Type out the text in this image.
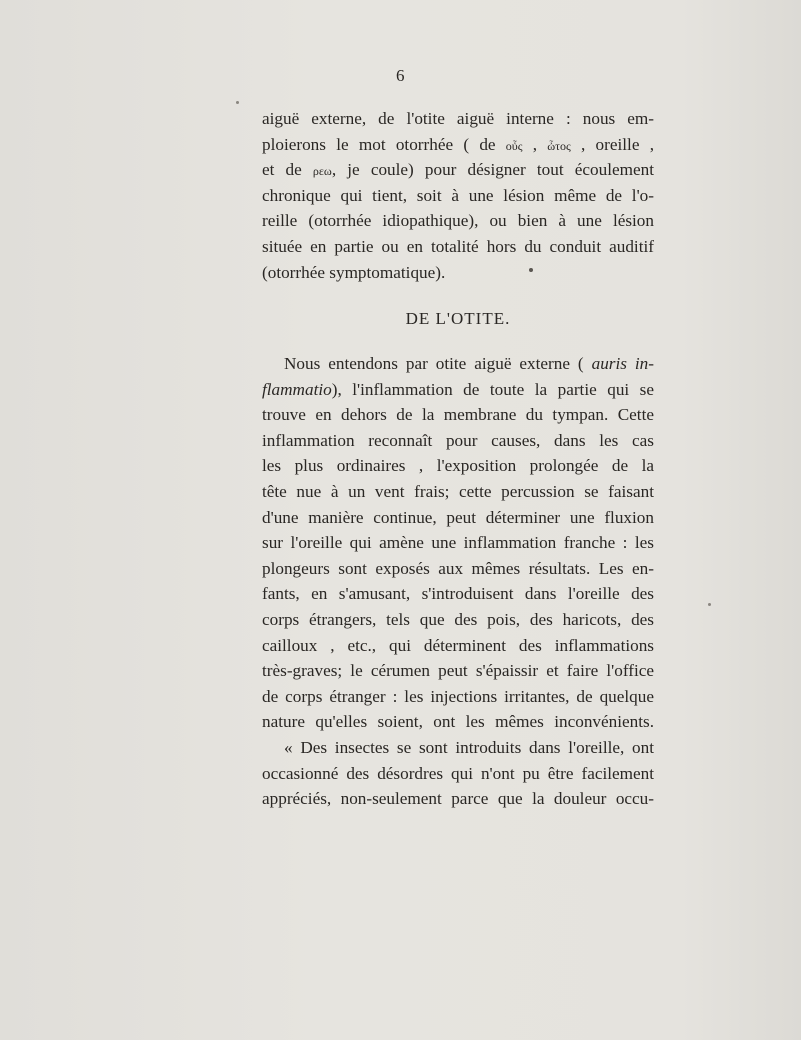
6
aiguë externe, de l'otite aiguë interne : nous em-
ploierons le mot otorrhée ( de οὖς , ὦτος , oreille ,
et de ρεω, je coule) pour désigner tout écoulement
chronique qui tient, soit à une lésion même de l'o-
reille (otorrhée idiopathique), ou bien à une lésion
située en partie ou en totalité hors du conduit auditif
(otorrhée symptomatique).
DE L'OTITE.
Nous entendons par otite aiguë externe ( auris in-
flammatio), l'inflammation de toute la partie qui se
trouve en dehors de la membrane du tympan. Cette
inflammation reconnaît pour causes, dans les cas
les plus ordinaires , l'exposition prolongée de la
tête nue à un vent frais; cette percussion se faisant
d'une manière continue, peut déterminer une fluxion
sur l'oreille qui amène une inflammation franche : les
plongeurs sont exposés aux mêmes résultats. Les en-
fants, en s'amusant, s'introduisent dans l'oreille des
corps étrangers, tels que des pois, des haricots, des
cailloux , etc., qui déterminent des inflammations
très-graves; le cérumen peut s'épaissir et faire l'office
de corps étranger : les injections irritantes, de quelque
nature qu'elles soient, ont les mêmes inconvénients.
« Des insectes se sont introduits dans l'oreille, ont
occasionné des désordres qui n'ont pu être facilement
appréciés, non-seulement parce que la douleur occu-
